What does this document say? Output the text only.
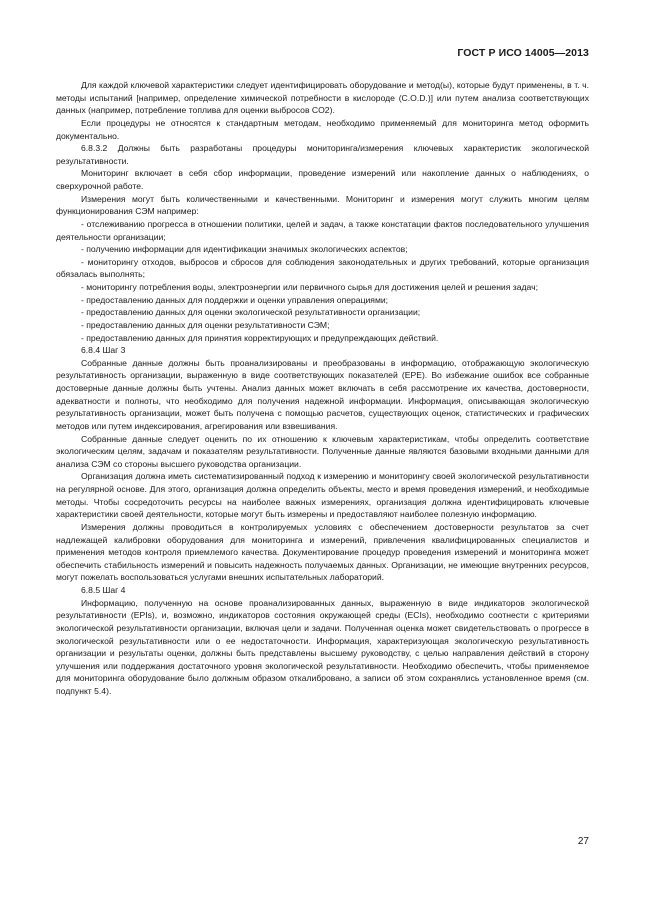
ГОСТ Р ИСО 14005—2013

Для каждой ключевой характеристики следует идентифицировать оборудование и метод(ы), которые будут применены, в т. ч. методы испытаний [например, определение химической потребности в кислороде (C.O.D.)] или путем анализа соответствующих данных (например, потребление топлива для оценки выбросов CO2).

Если процедуры не относятся к стандартным методам, необходимо применяемый для мониторинга метод оформить документально.

6.8.3.2 Должны быть разработаны процедуры мониторинга/измерения ключевых характеристик экологической результативности.

Мониторинг включает в себя сбор информации, проведение измерений или накопление данных о наблюдениях, о сверхурочной работе.

Измерения могут быть количественными и качественными. Мониторинг и измерения могут служить многим целям функционирования СЭМ например:

- отслеживанию прогресса в отношении политики, целей и задач, а также констатации фактов последовательного улучшения деятельности организации;

- получению информации для идентификации значимых экологических аспектов;

- мониторингу отходов, выбросов и сбросов для соблюдения законодательных и других требований, которые организация обязалась выполнять;

- мониторингу потребления воды, электроэнергии или первичного сырья для достижения целей и решения задач;

- предоставлению данных для поддержки и оценки управления операциями;

- предоставлению данных для оценки экологической результативности организации;

- предоставлению данных для оценки результативности СЭМ;

- предоставлению данных для принятия корректирующих и предупреждающих действий.

6.8.4 Шаг 3

Собранные данные должны быть проанализированы и преобразованы в информацию, отображающую экологическую результативность организации, выраженную в виде соответствующих показателей (EPE). Во избежание ошибок все собранные достоверные данные должны быть учтены. Анализ данных может включать в себя рассмотрение их качества, достоверности, адекватности и полноты, что необходимо для получения надежной информации. Информация, описывающая экологическую результативность организации, может быть получена с помощью расчетов, существующих оценок, статистических и графических методов или путем индексирования, агрегирования или взвешивания.

Собранные данные следует оценить по их отношению к ключевым характеристикам, чтобы определить соответствие экологическим целям, задачам и показателям результативности. Полученные данные являются базовыми входными данными для анализа СЭМ со стороны высшего руководства организации.

Организация должна иметь систематизированный подход к измерению и мониторингу своей экологической результативности на регулярной основе. Для этого, организация должна определить объекты, место и время проведения измерений, и необходимые методы. Чтобы сосредоточить ресурсы на наиболее важных измерениях, организация должна идентифицировать ключевые характеристики своей деятельности, которые могут быть измерены и предоставляют наиболее полезную информацию.

Измерения должны проводиться в контролируемых условиях с обеспечением достоверности результатов за счет надлежащей калибровки оборудования для мониторинга и измерений, привлечения квалифицированных специалистов и применения методов контроля приемлемого качества. Документирование процедур проведения измерений и мониторинга может обеспечить стабильность измерений и повысить надежность получаемых данных. Организации, не имеющие внутренних ресурсов, могут пожелать воспользоваться услугами внешних испытательных лабораторий.

6.8.5 Шаг 4

Информацию, полученную на основе проанализированных данных, выраженную в виде индикаторов экологической результативности (EPIs), и, возможно, индикаторов состояния окружающей среды (ECIs), необходимо соотнести с критериями экологической результативности организации, включая цели и задачи. Полученная оценка может свидетельствовать о прогрессе в экологической результативности или о ее недостаточности. Информация, характеризующая экологическую результативность организации и результаты оценки, должны быть представлены высшему руководству, с целью направления действий в сторону улучшения или поддержания достаточного уровня экологической результативности. Необходимо обеспечить, чтобы применяемое для мониторинга оборудование было должным образом откалибровано, а записи об этом сохранялись установленное время (см. подпункт 5.4).

27
